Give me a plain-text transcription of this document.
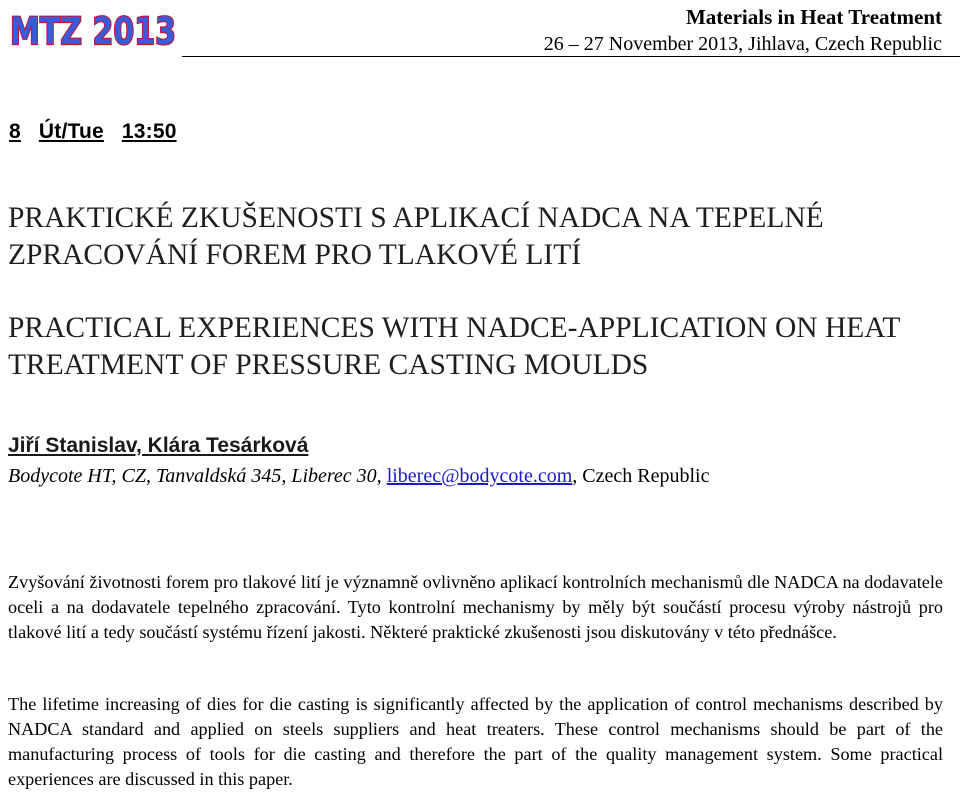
MTZ 2013	Materials in Heat Treatment
26 – 27 November 2013, Jihlava, Czech Republic
8 Út/Tue 13:50
PRAKTICKÉ ZKUŠENOSTI S APLIKACÍ NADCA NA TEPELNÉ ZPRACOVÁNÍ FOREM PRO TLAKOVÉ LITÍ
PRACTICAL EXPERIENCES WITH NADCE-APPLICATION ON HEAT TREATMENT OF PRESSURE CASTING MOULDS
Jiří Stanislav, Klára Tesárková
Bodycote HT, CZ, Tanvaldská 345, Liberec 30, liberec@bodycote.com, Czech Republic

Zvyšování životnosti forem pro tlakové lití je významně ovlivněno aplikací kontrolních mechanismů dle NADCA na dodavatele oceli a na dodavatele tepelného zpracování. Tyto kontrolní mechanismy by měly být součástí procesu výroby nástrojů pro tlakové lití a tedy součástí systému řízení jakosti. Některé praktické zkušenosti jsou diskutovány v této přednášce.

The lifetime increasing of dies for die casting is significantly affected by the application of control mechanisms described by NADCA standard and applied on steels suppliers and heat treaters. These control mechanisms should be part of the manufacturing process of tools for die casting and therefore the part of the quality management system. Some practical experiences are discussed in this paper.
